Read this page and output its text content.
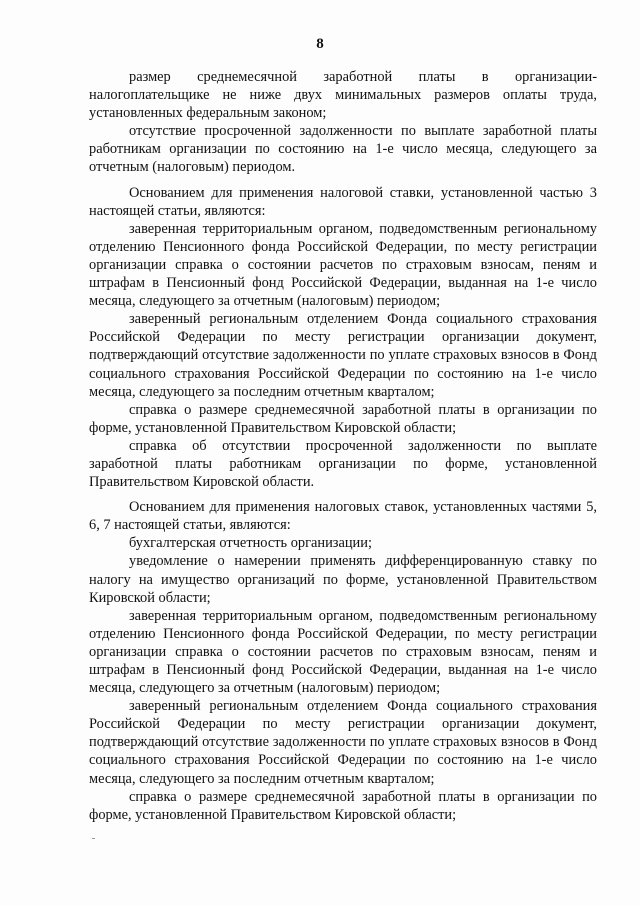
8

размер среднемесячной заработной платы в организации-налогоплательщике не ниже двух минимальных размеров оплаты труда, установленных федеральным законом;

отсутствие просроченной задолженности по выплате заработной платы работникам организации по состоянию на 1-е число месяца, следующего за отчетным (налоговым) периодом.

Основанием для применения налоговой ставки, установленной частью 3 настоящей статьи, являются:

заверенная территориальным органом, подведомственным региональному отделению Пенсионного фонда Российской Федерации, по месту регистрации организации справка о состоянии расчетов по страховым взносам, пеням и штрафам в Пенсионный фонд Российской Федерации, выданная на 1-е число месяца, следующего за отчетным (налоговым) периодом;

заверенный региональным отделением Фонда социального страхования Российской Федерации по месту регистрации организации документ, подтверждающий отсутствие задолженности по уплате страховых взносов в Фонд социального страхования Российской Федерации по состоянию на 1-е число месяца, следующего за последним отчетным кварталом;

справка о размере среднемесячной заработной платы в организации по форме, установленной Правительством Кировской области;

справка об отсутствии просроченной задолженности по выплате заработной платы работникам организации по форме, установленной Правительством Кировской области.

Основанием для применения налоговых ставок, установленных частями 5, 6, 7 настоящей статьи, являются:

бухгалтерская отчетность организации;

уведомление о намерении применять дифференцированную ставку по налогу на имущество организаций по форме, установленной Правительством Кировской области;

заверенная территориальным органом, подведомственным региональному отделению Пенсионного фонда Российской Федерации, по месту регистрации организации справка о состоянии расчетов по страховым взносам, пеням и штрафам в Пенсионный фонд Российской Федерации, выданная на 1-е число месяца, следующего за отчетным (налоговым) периодом;

заверенный региональным отделением Фонда социального страхования Российской Федерации по месту регистрации организации документ, подтверждающий отсутствие задолженности по уплате страховых взносов в Фонд социального страхования Российской Федерации по состоянию на 1-е число месяца, следующего за последним отчетным кварталом;

справка о размере среднемесячной заработной платы в организации по форме, установленной Правительством Кировской области;
